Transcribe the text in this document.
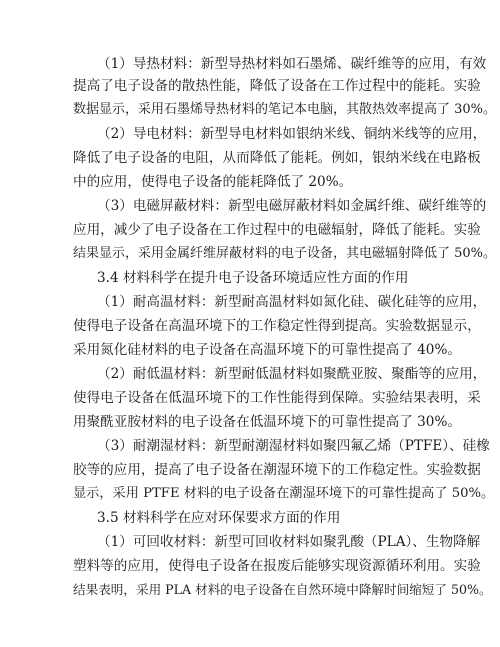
（1）导热材料：新型导热材料如石墨烯、碳纤维等的应用，有效
提高了电子设备的散热性能，降低了设备在工作过程中的能耗。实验
数据显示，采用石墨烯导热材料的笔记本电脑，其散热效率提高了 30%。
（2）导电材料：新型导电材料如银纳米线、铜纳米线等的应用，
降低了电子设备的电阻，从而降低了能耗。例如，银纳米线在电路板
中的应用，使得电子设备的能耗降低了 20%。
（3）电磁屏蔽材料：新型电磁屏蔽材料如金属纤维、碳纤维等的
应用，减少了电子设备在工作过程中的电磁辐射，降低了能耗。实验
结果显示，采用金属纤维屏蔽材料的电子设备，其电磁辐射降低了 50%。
3.4 材料科学在提升电子设备环境适应性方面的作用
（1）耐高温材料：新型耐高温材料如氮化硅、碳化硅等的应用，
使得电子设备在高温环境下的工作稳定性得到提高。实验数据显示，
采用氮化硅材料的电子设备在高温环境下的可靠性提高了 40%。
（2）耐低温材料：新型耐低温材料如聚酰亚胺、聚酯等的应用，
使得电子设备在低温环境下的工作性能得到保障。实验结果表明，采
用聚酰亚胺材料的电子设备在低温环境下的可靠性提高了 30%。
（3）耐潮湿材料：新型耐潮湿材料如聚四氟乙烯（PTFE）、硅橡
胶等的应用，提高了电子设备在潮湿环境下的工作稳定性。实验数据
显示，采用 PTFE 材料的电子设备在潮湿环境下的可靠性提高了 50%。
3.5 材料科学在应对环保要求方面的作用
（1）可回收材料：新型可回收材料如聚乳酸（PLA）、生物降解
塑料等的应用，使得电子设备在报废后能够实现资源循环利用。实验
结果表明，采用 PLA 材料的电子设备在自然环境中降解时间缩短了 50%。
